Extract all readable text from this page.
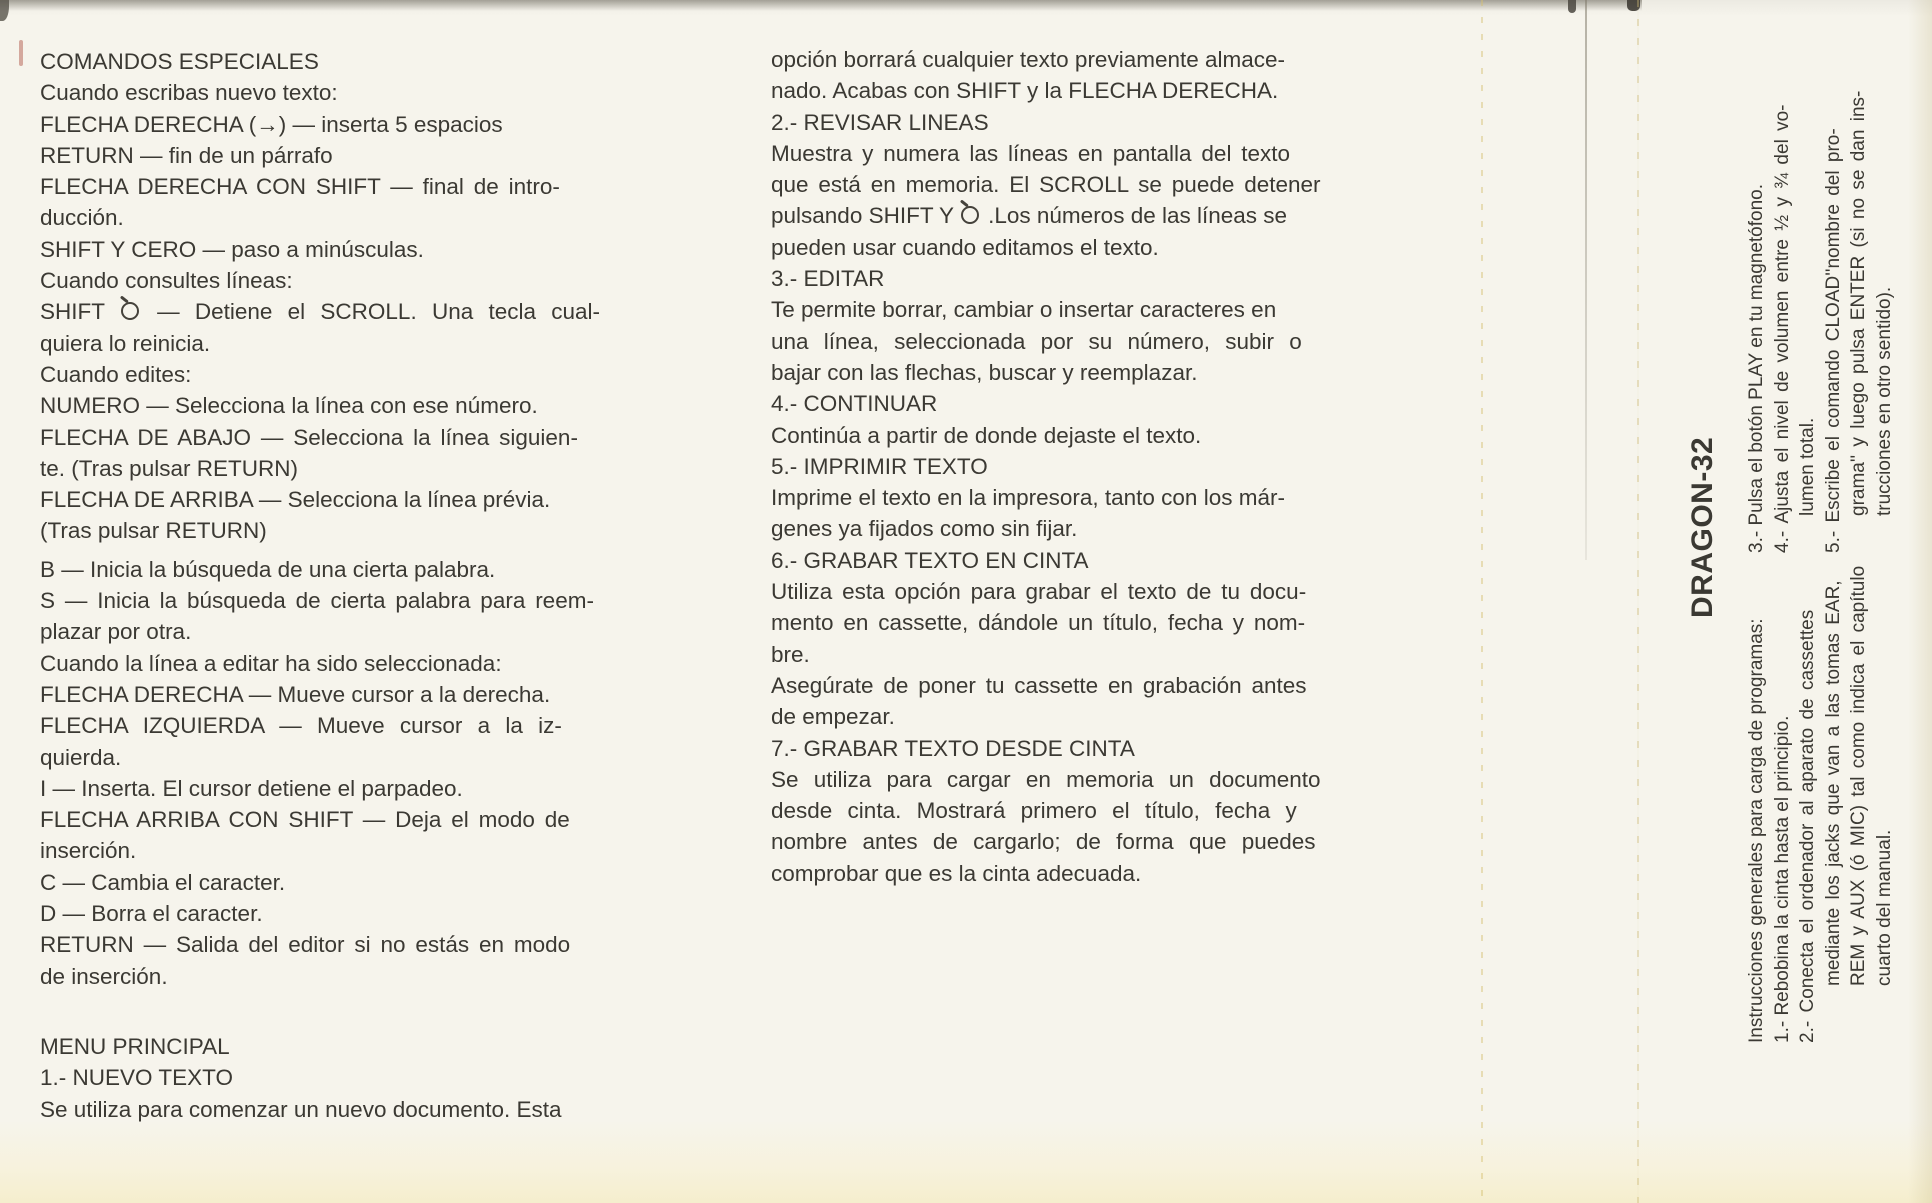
COMANDOS ESPECIALES
Cuando escribas nuevo texto:
FLECHA DERECHA (→) — inserta 5 espacios
RETURN — fin de un párrafo
FLECHA DERECHA CON SHIFT — final de intro-
ducción.
SHIFT Y CERO — paso a minúsculas.
Cuando consultes líneas:
SHIFT  — Detiene el SCROLL. Una tecla cual-
quiera lo reinicia.
Cuando edites:
NUMERO — Selecciona la línea con ese número.
FLECHA DE ABAJO — Selecciona la línea siguien-
te. (Tras pulsar RETURN)
FLECHA DE ARRIBA — Selecciona la línea prévia.
(Tras pulsar RETURN)
B — Inicia la búsqueda de una cierta palabra.
S — Inicia la búsqueda de cierta palabra para reem-
plazar por otra.
Cuando la línea a editar ha sido seleccionada:
FLECHA DERECHA — Mueve cursor a la derecha.
FLECHA IZQUIERDA — Mueve cursor a la iz-
quierda.
I — Inserta. El cursor detiene el parpadeo.
FLECHA ARRIBA CON SHIFT — Deja el modo de
inserción.
C — Cambia el caracter.
D — Borra el caracter.
RETURN — Salida del editor si no estás en modo
de inserción.
MENU PRINCIPAL
1.- NUEVO TEXTO
Se utiliza para comenzar un nuevo documento. Esta
opción borrará cualquier texto previamente almace-
nado. Acabas con SHIFT y la FLECHA DERECHA.
2.- REVISAR LINEAS
Muestra y numera las líneas en pantalla del texto
que está en memoria. El SCROLL se puede detener
pulsando SHIFT Y  .Los números de las líneas se
pueden usar cuando editamos el texto.
3.- EDITAR
Te permite borrar, cambiar o insertar caracteres en
una línea, seleccionada por su número, subir o
bajar con las flechas, buscar y reemplazar.
4.- CONTINUAR
Continúa a partir de donde dejaste el texto.
5.- IMPRIMIR TEXTO
Imprime el texto en la impresora, tanto con los már-
genes ya fijados como sin fijar.
6.- GRABAR TEXTO EN CINTA
Utiliza esta opción para grabar el texto de tu docu-
mento en cassette, dándole un título, fecha y nom-
bre.
Asegúrate de poner tu cassette en grabación antes
de empezar.
7.- GRABAR TEXTO DESDE CINTA
Se utiliza para cargar en memoria un documento
desde cinta. Mostrará primero el título, fecha y
nombre antes de cargarlo; de forma que puedes
comprobar que es la cinta adecuada.
DRAGON-32
Instrucciones generales para carga de programas: 1.- Rebobina la cinta hasta el principio. 2.- Conecta el ordenador al aparato de cassettes mediante los jacks que van a las tomas EAR, REM y AUX (ó MIC) tal como indica el capítulo cuarto del manual.
3.- Pulsa el botón PLAY en tu magnetófono. 4.- Ajusta el nivel de volumen entre ½ y ¾ del vo- lumen total. 5.- Escribe el comando CLOAD''nombre del pro- grama'' y luego pulsa ENTER (si no se dan ins- trucciones en otro sentido).
